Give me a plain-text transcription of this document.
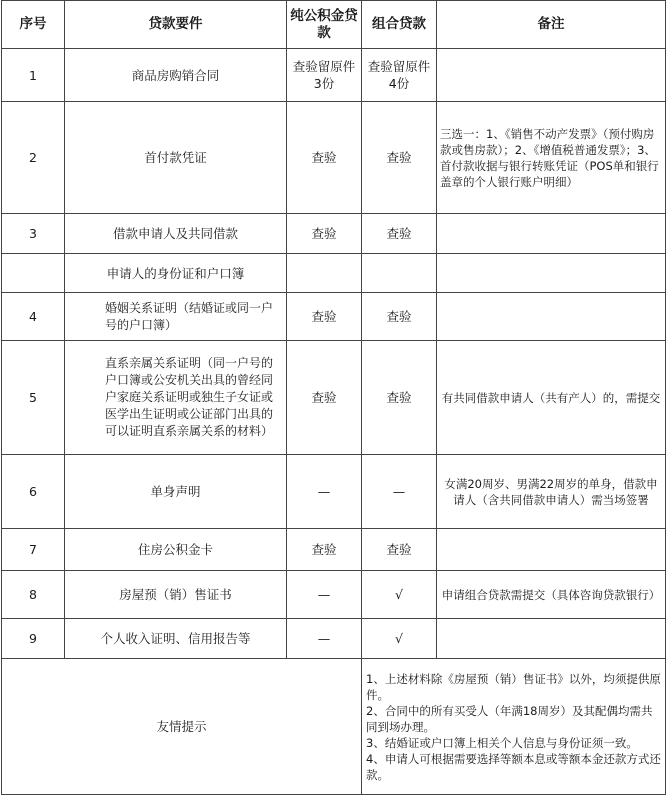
序号	贷款要件	纯公积金贷款	组合贷款	备注
1	商品房购销合同	查验留原件3份	查验留原件4份	
2	首付款凭证	查验	查验	三选一：1、《销售不动产发票》（预付购房款或售房款）；2、《增值税普通发票》；3、首付款收据与银行转账凭证（POS单和银行盖章的个人银行账户明细）
3	借款申请人及共同借款	查验	查验	
	申请人的身份证和户口簿			
4	婚姻关系证明（结婚证或同一户号的户口簿）	查验	查验	
5	直系亲属关系证明（同一户号的户口簿或公安机关出具的曾经同户家庭关系证明或独生子女证或医学出生证明或公证部门出具的可以证明直系亲属关系的材料）	查验	查验	有共同借款申请人（共有产人）的，需提交
6	单身声明	—	—	女满20周岁、男满22周岁的单身，借款申请人（含共同借款申请人）需当场签署
7	住房公积金卡	查验	查验	
8	房屋预（销）售证书	—	√	申请组合贷款需提交（具体咨询贷款银行）
9	个人收入证明、信用报告等	—	√	
友情提示			1、上述材料除《房屋预（销）售证书》以外，均须提供原件。
2、合同中的所有买受人（年满18周岁）及其配偶均需共同到场办理。
3、结婚证或户口簿上相关个人信息与身份证须一致。
4、申请人可根据需要选择等额本息或等额本金还款方式还款。	
